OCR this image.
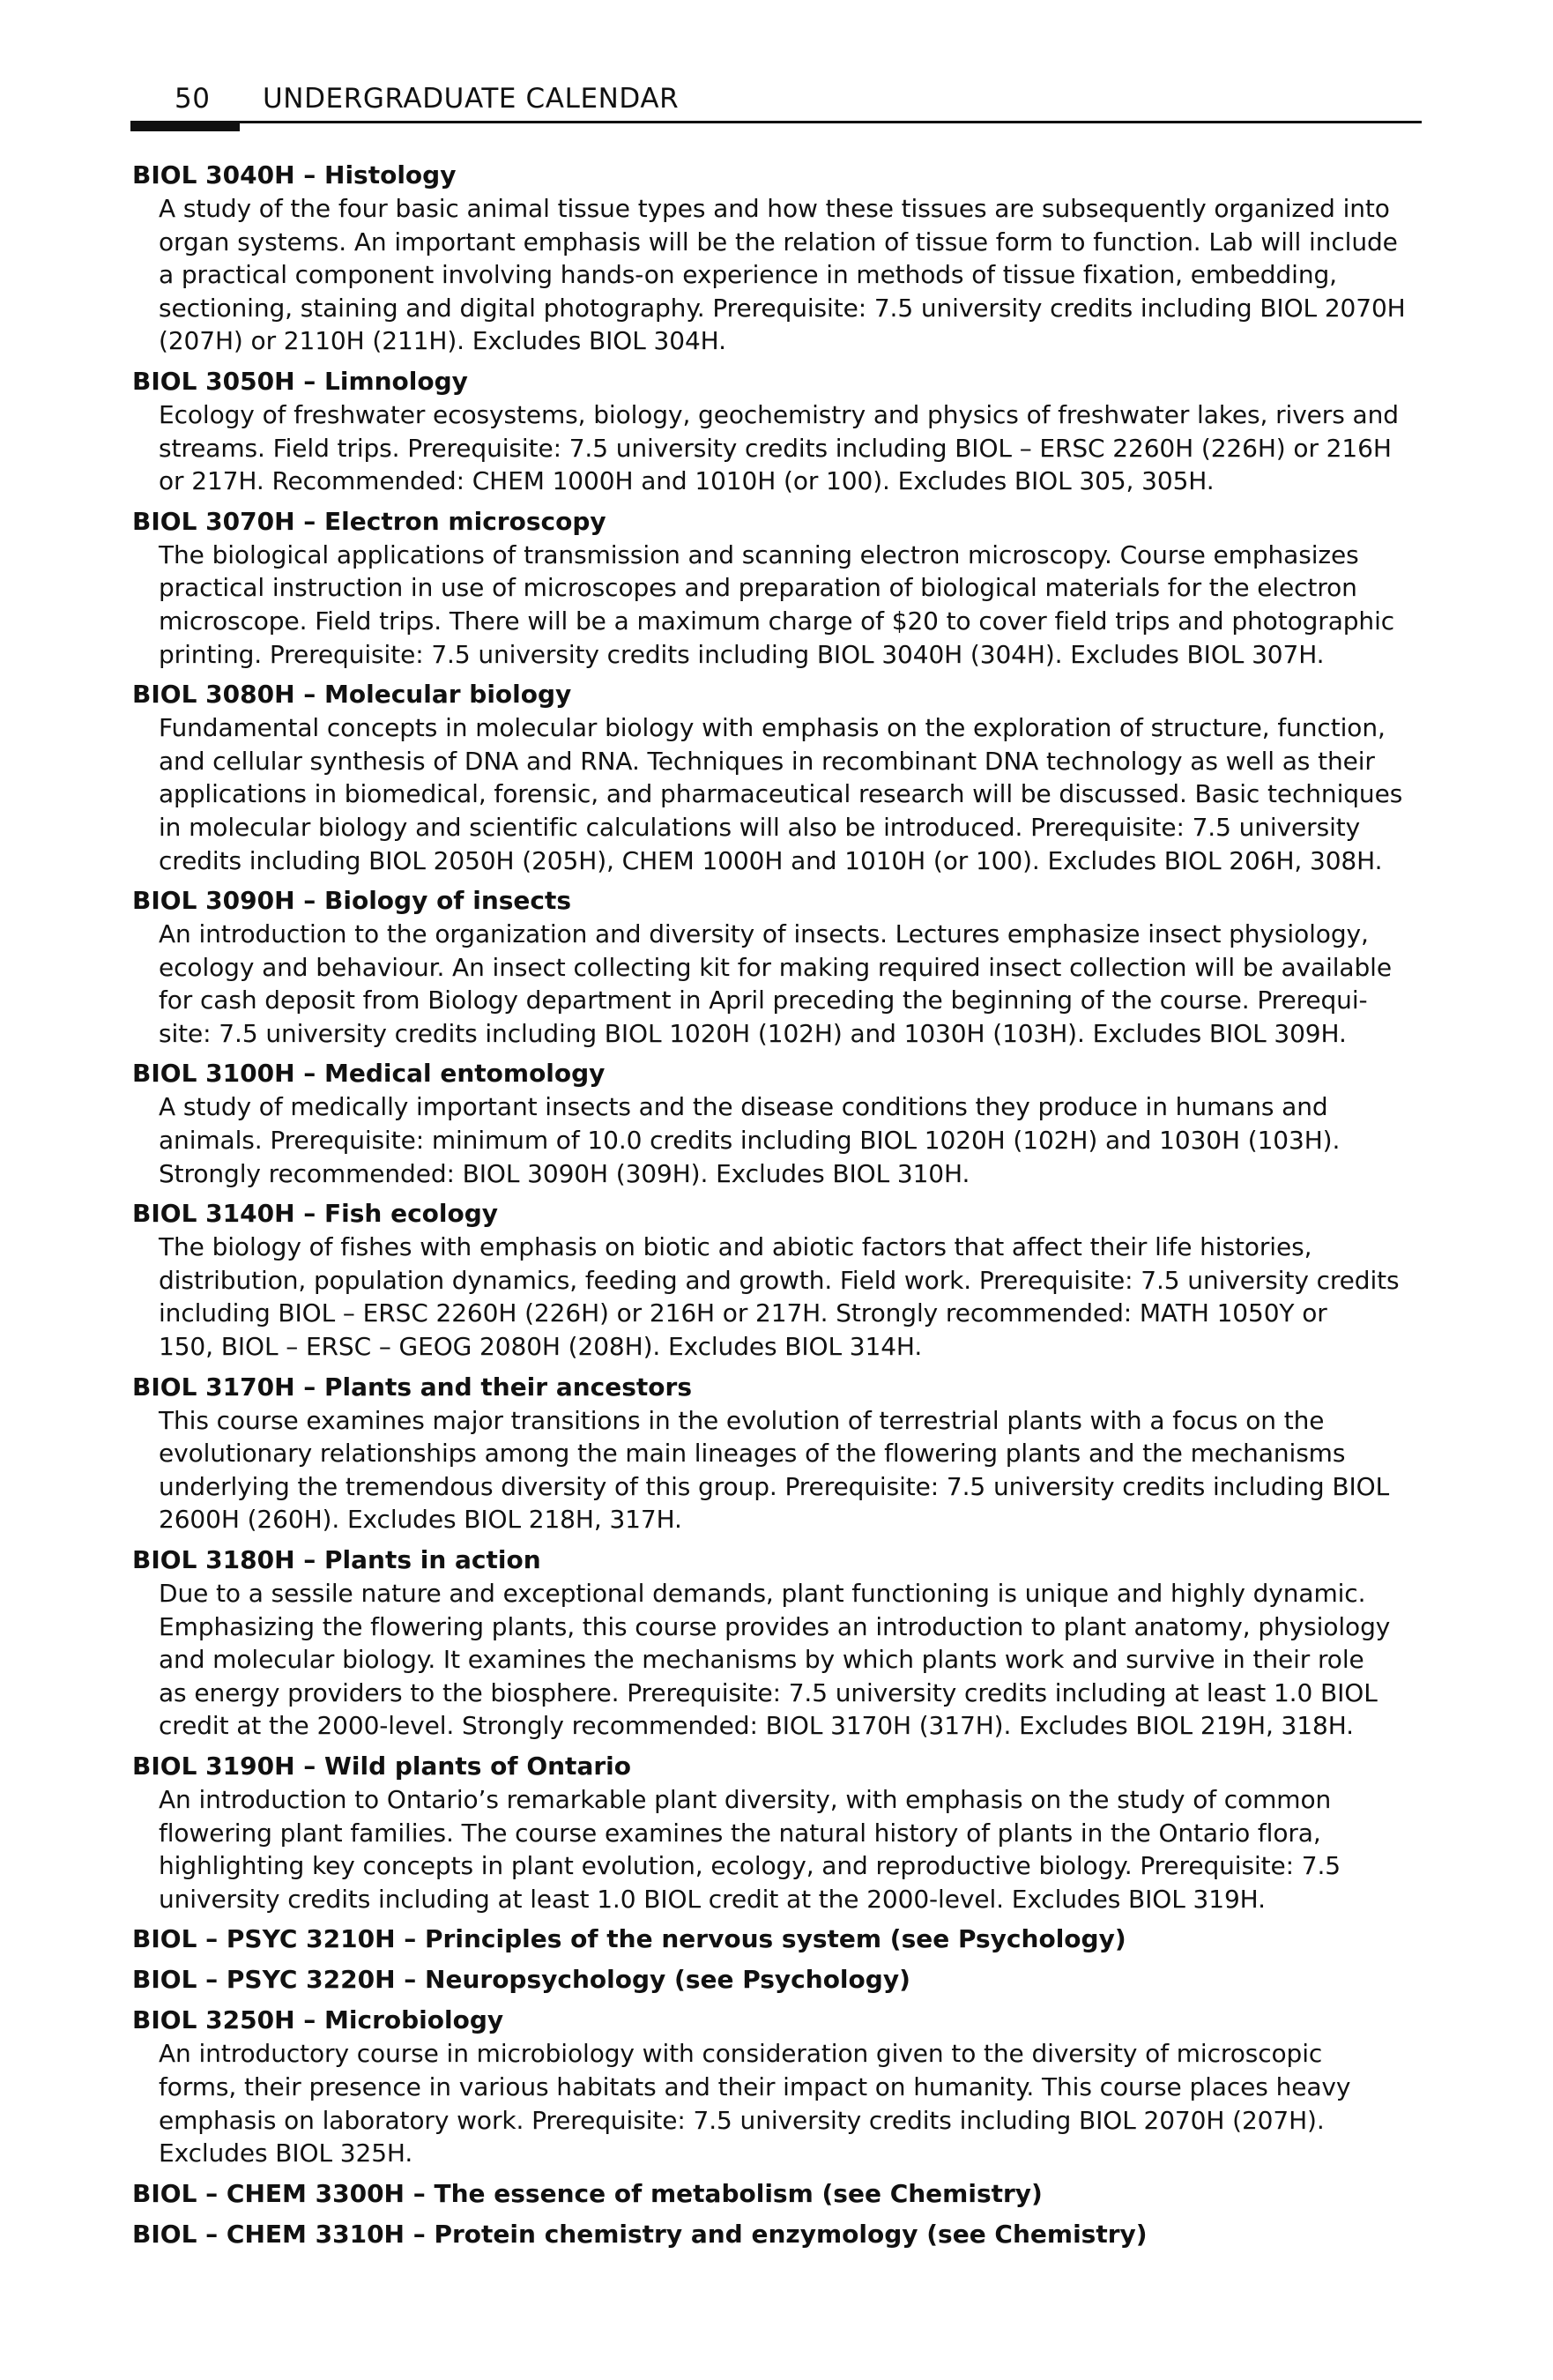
50 UNDERGRADUATE CALENDAR
BIOL 3040H – Histology
A study of the four basic animal tissue types and how these tissues are subsequently organized into
organ systems. An important emphasis will be the relation of tissue form to function. Lab will include
a practical component involving hands-on experience in methods of tissue fixation, embedding,
sectioning, staining and digital photography. Prerequisite: 7.5 university credits including BIOL 2070H
(207H) or 2110H (211H). Excludes BIOL 304H.
BIOL 3050H – Limnology
Ecology of freshwater ecosystems, biology, geochemistry and physics of freshwater lakes, rivers and
streams. Field trips. Prerequisite: 7.5 university credits including BIOL – ERSC 2260H (226H) or 216H
or 217H. Recommended: CHEM 1000H and 1010H (or 100). Excludes BIOL 305, 305H.
BIOL 3070H – Electron microscopy
The biological applications of transmission and scanning electron microscopy. Course emphasizes
practical instruction in use of microscopes and preparation of biological materials for the electron
microscope. Field trips. There will be a maximum charge of $20 to cover field trips and photographic
printing. Prerequisite: 7.5 university credits including BIOL 3040H (304H). Excludes BIOL 307H.
BIOL 3080H – Molecular biology
Fundamental concepts in molecular biology with emphasis on the exploration of structure, function,
and cellular synthesis of DNA and RNA. Techniques in recombinant DNA technology as well as their
applications in biomedical, forensic, and pharmaceutical research will be discussed. Basic techniques
in molecular biology and scientific calculations will also be introduced. Prerequisite: 7.5 university
credits including BIOL 2050H (205H), CHEM 1000H and 1010H (or 100). Excludes BIOL 206H, 308H.
BIOL 3090H – Biology of insects
An introduction to the organization and diversity of insects. Lectures emphasize insect physiology,
ecology and behaviour. An insect collecting kit for making required insect collection will be available
for cash deposit from Biology department in April preceding the beginning of the course. Prerequi-
site: 7.5 university credits including BIOL 1020H (102H) and 1030H (103H). Excludes BIOL 309H.
BIOL 3100H – Medical entomology
A study of medically important insects and the disease conditions they produce in humans and
animals. Prerequisite: minimum of 10.0 credits including BIOL 1020H (102H) and 1030H (103H).
Strongly recommended: BIOL 3090H (309H). Excludes BIOL 310H.
BIOL 3140H – Fish ecology
The biology of fishes with emphasis on biotic and abiotic factors that affect their life histories,
distribution, population dynamics, feeding and growth. Field work. Prerequisite: 7.5 university credits
including BIOL – ERSC 2260H (226H) or 216H or 217H. Strongly recommended: MATH 1050Y or
150, BIOL – ERSC – GEOG 2080H (208H). Excludes BIOL 314H.
BIOL 3170H – Plants and their ancestors
This course examines major transitions in the evolution of terrestrial plants with a focus on the
evolutionary relationships among the main lineages of the flowering plants and the mechanisms
underlying the tremendous diversity of this group. Prerequisite: 7.5 university credits including BIOL
2600H (260H). Excludes BIOL 218H, 317H.
BIOL 3180H – Plants in action
Due to a sessile nature and exceptional demands, plant functioning is unique and highly dynamic.
Emphasizing the flowering plants, this course provides an introduction to plant anatomy, physiology
and molecular biology. It examines the mechanisms by which plants work and survive in their role
as energy providers to the biosphere. Prerequisite: 7.5 university credits including at least 1.0 BIOL
credit at the 2000-level. Strongly recommended: BIOL 3170H (317H). Excludes BIOL 219H, 318H.
BIOL 3190H – Wild plants of Ontario
An introduction to Ontario’s remarkable plant diversity, with emphasis on the study of common
flowering plant families. The course examines the natural history of plants in the Ontario flora,
highlighting key concepts in plant evolution, ecology, and reproductive biology. Prerequisite: 7.5
university credits including at least 1.0 BIOL credit at the 2000-level. Excludes BIOL 319H.
BIOL – PSYC 3210H – Principles of the nervous system (see Psychology)
BIOL – PSYC 3220H – Neuropsychology (see Psychology)
BIOL 3250H – Microbiology
An introductory course in microbiology with consideration given to the diversity of microscopic
forms, their presence in various habitats and their impact on humanity. This course places heavy
emphasis on laboratory work. Prerequisite: 7.5 university credits including BIOL 2070H (207H).
Excludes BIOL 325H.
BIOL – CHEM 3300H – The essence of metabolism (see Chemistry)
BIOL – CHEM 3310H – Protein chemistry and enzymology (see Chemistry)
